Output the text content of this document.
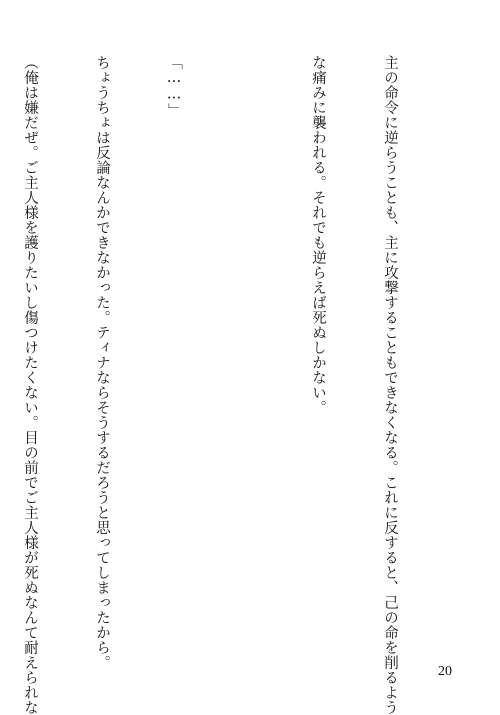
主の命令に逆らうことも、主に攻撃することもできなくなる。これに反すると、己の命を削るよう

な痛みに襲われる。それでも逆らえば死ぬしかない。

「……」

ちょうちょは反論なんかできなかった。ティナならそうするだろうと思ってしまったから。

（俺は嫌だぜ。ご主人様を護りたいし傷つけたくない。目の前でご主人様が死ぬなんて耐えられな

	20
